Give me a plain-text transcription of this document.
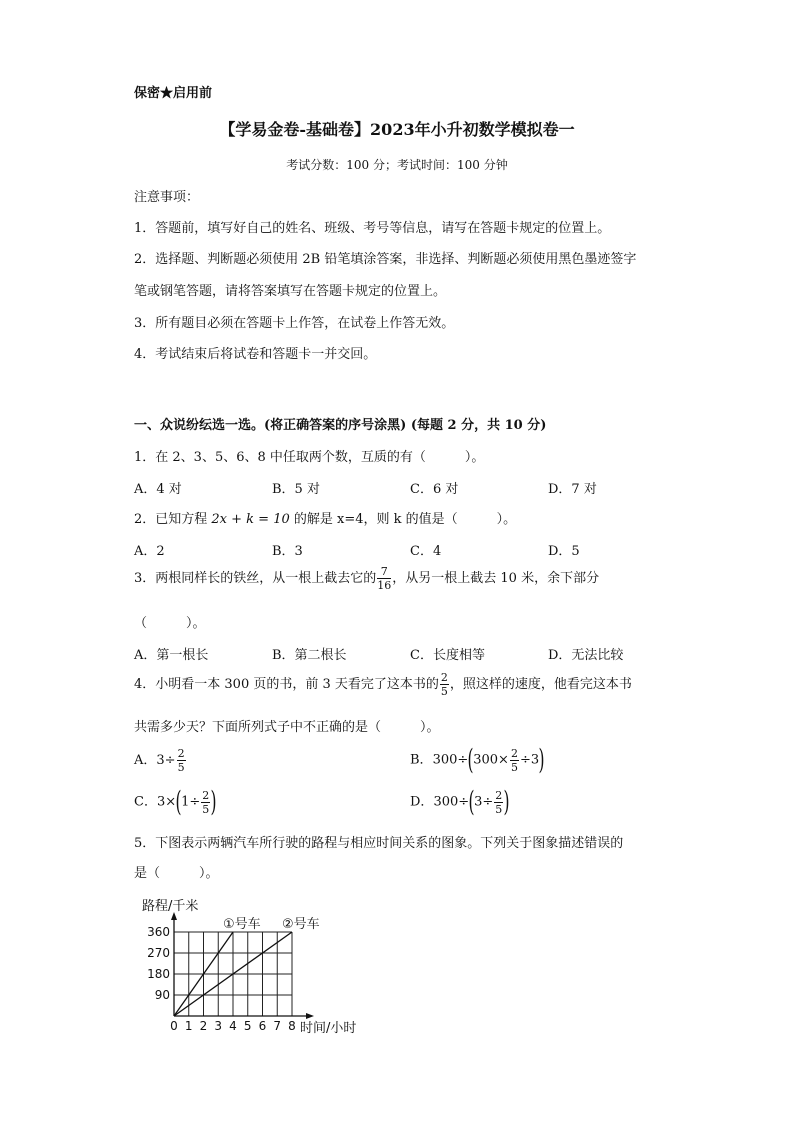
保密★启用前
【学易金卷-基础卷】2023年小升初数学模拟卷一
考试分数：100 分；考试时间：100 分钟
注意事项：
1．答题前，填写好自己的姓名、班级、考号等信息，请写在答题卡规定的位置上。
2．选择题、判断题必须使用 2B 铅笔填涂答案，非选择、判断题必须使用黑色墨迹签字
笔或钢笔答题，请将答案填写在答题卡规定的位置上。
3．所有题目必须在答题卡上作答，在试卷上作答无效。
4．考试结束后将试卷和答题卡一并交回。
一、众说纷纭选一选。(将正确答案的序号涂黑) (每题 2 分，共 10 分)
1．在 2、3、5、6、8 中任取两个数，互质的有（　　　）。
A．4 对	B．5 对	C．6 对	D．7 对
2．已知方程 2x + k = 10 的解是 x=4，则 k 的值是（　　　）。
A．2	B．3	C．4	D．5
3．两根同样长的铁丝，从一根上截去它的 $\frac{7}{16}$ ，从另一根上截去 10 米，余下部分
（　　　）。
A．第一根长	B．第二根长	C．长度相等	D．无法比较
4．小明看一本 300 页的书，前 3 天看完了这本书的 $\frac{2}{5}$ ，照这样的速度，他看完这本书
共需多少天？下面所列式子中不正确的是（　　　）。
A．$3\div \frac{2}{5}$	B．$300\div(300\times \frac{2}{5} \div 3)$
C．$3\times(1\div \frac{2}{5}$ )	D．$300\div(3\div \frac{2}{5}$ )
5．下图表示两辆汽车所行驶的路程与相应时间关系的图象。下列关于图象描述错误的
是（　　　）。
0 1 2 3 4 5 6 7 8
90
180
270
360
路程/千米
时间/小时
①号车 ②号车
